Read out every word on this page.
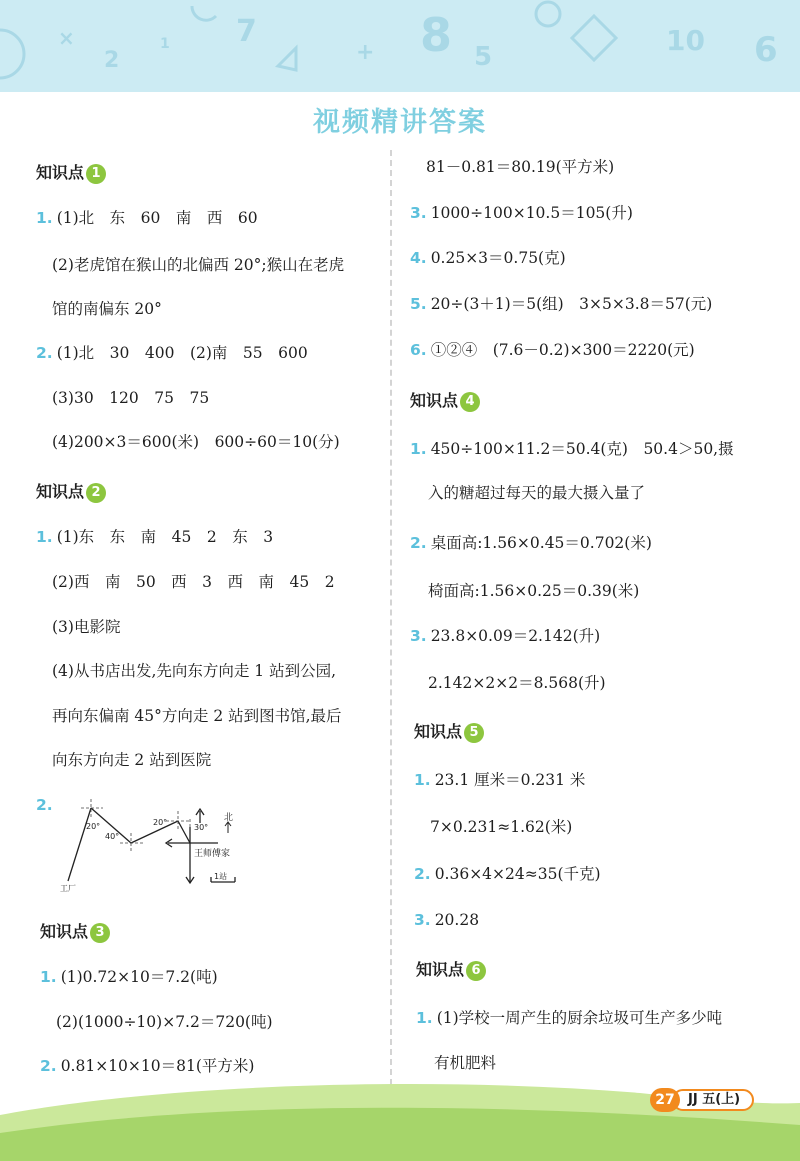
2
1 7	8 5	10 6
×
+
视频精讲答案
知识点 1
1. (1)北　东　60　南　西　60
(2)老虎馆在猴山的北偏西 20°;猴山在老虎
馆的南偏东 20°
2. (1)北　30　400　(2)南　55　600
(3)30　120　75　75
(4)200×3＝600(米)　600÷60＝10(分)
知识点 2
1. (1)东　东　南　45　2　东　3
(2)西　南　50　西　3　西　南　45　2
(3)电影院
(4)从书店出发,先向东方向走 1 站到公园,
再向东偏南 45°方向走 2 站到图书馆,最后
向东方向走 2 站到医院
2.
20°
40°
20°
30°
北
王师傅家
工厂
1站
知识点 3
1. (1)0.72×10＝7.2(吨)
(2)(1000÷10)×7.2＝720(吨)
2. 0.81×10×10＝81(平方米)
81－0.81＝80.19(平方米)
3. 1000÷100×10.5＝105(升)
4. 0.25×3＝0.75(克)
5. 20÷(3＋1)＝5(组)　3×5×3.8＝57(元)
6. ①②④　(7.6－0.2)×300＝2220(元)
知识点 4
1. 450÷100×11.2＝50.4(克)　50.4＞50,摄
入的糖超过每天的最大摄入量了
2. 桌面高:1.56×0.45＝0.702(米)
椅面高:1.56×0.25＝0.39(米)
3. 23.8×0.09＝2.142(升)
2.142×2×2＝8.568(升)
知识点 5
1. 23.1 厘米＝0.231 米
7×0.231≈1.62(米)
2. 0.36×4×24≈35(千克)
3. 20.28
知识点 6
1. (1)学校一周产生的厨余垃圾可生产多少吨
有机肥料
27	JJ 五(上)
